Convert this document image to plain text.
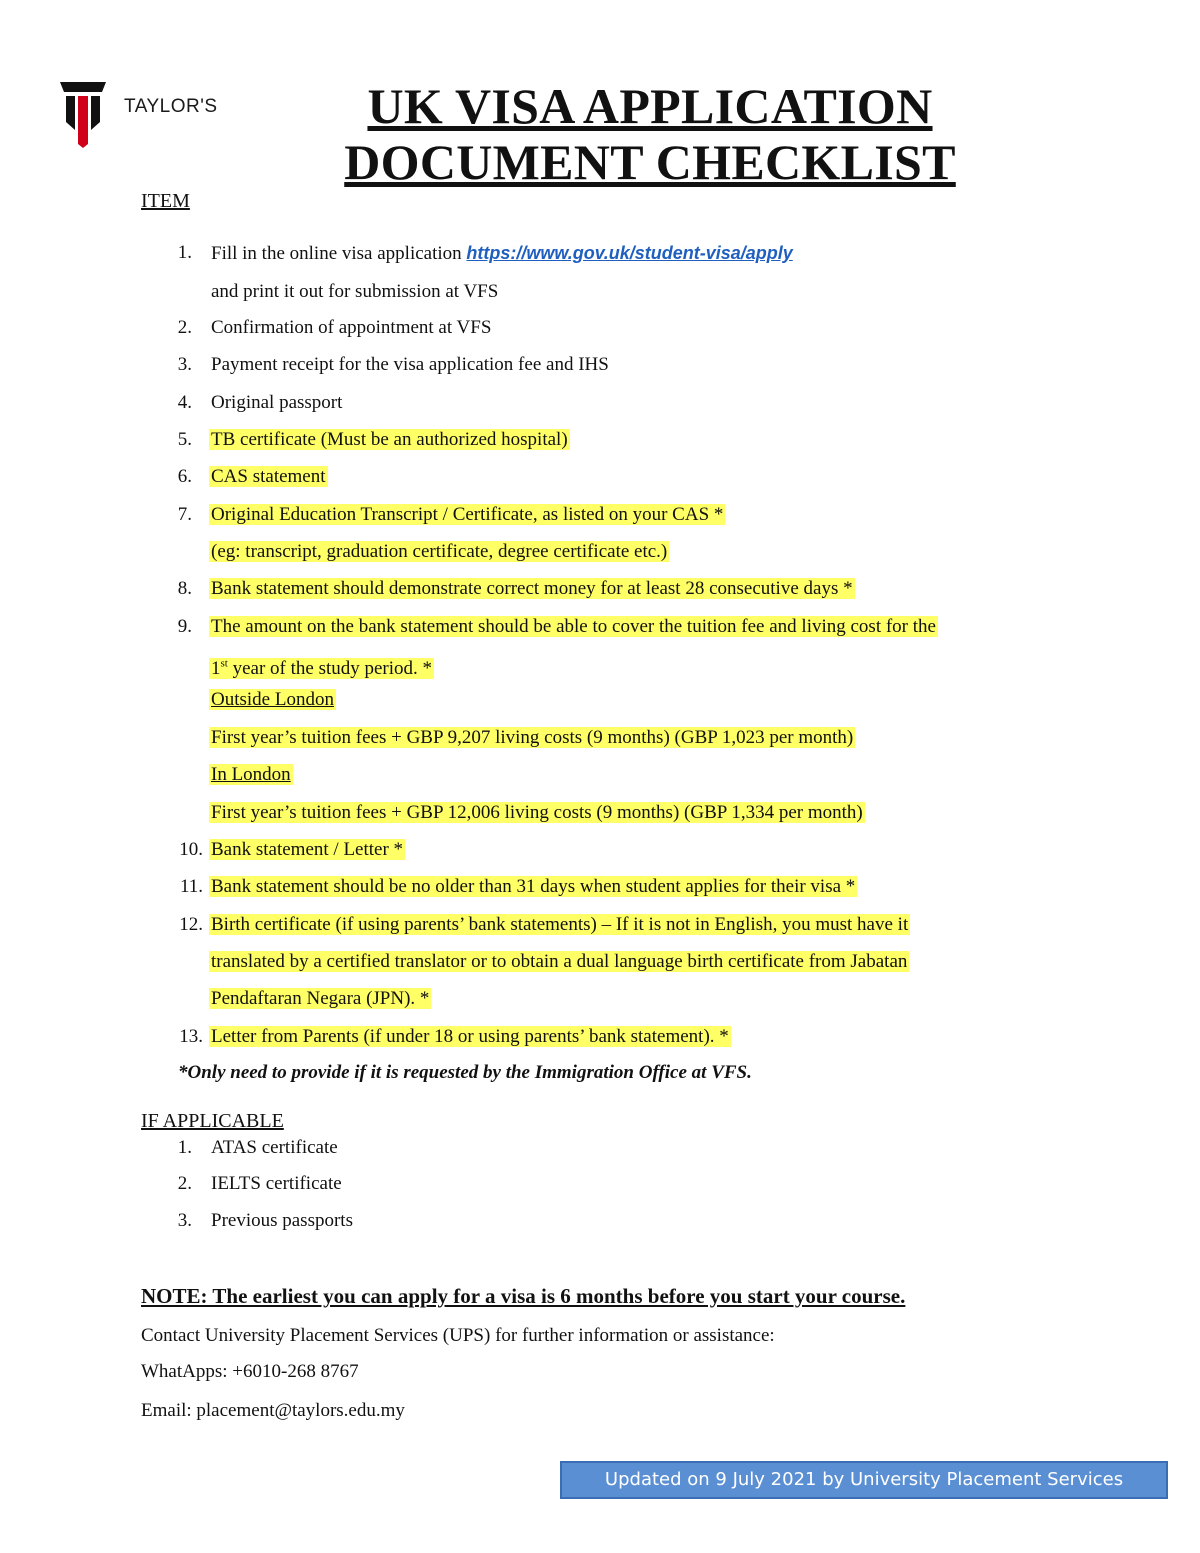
TAYLOR'S	UK VISA APPLICATION
DOCUMENT CHECKLIST
ITEM
1. Fill in the online visa application https://www.gov.uk/student-visa/apply
and print it out for submission at VFS
2. Confirmation of appointment at VFS
3. Payment receipt for the visa application fee and IHS
4. Original passport
5. TB certificate (Must be an authorized hospital)
6. CAS statement
7. Original Education Transcript / Certificate, as listed on your CAS *
(eg: transcript, graduation certificate, degree certificate etc.)
8. Bank statement should demonstrate correct money for at least 28 consecutive days *
9. The amount on the bank statement should be able to cover the tuition fee and living cost for the
1st year of the study period. *
Outside London
First year’s tuition fees + GBP 9,207 living costs (9 months) (GBP 1,023 per month)
In London
First year’s tuition fees + GBP 12,006 living costs (9 months) (GBP 1,334 per month)
10. Bank statement / Letter *
11. Bank statement should be no older than 31 days when student applies for their visa *
12. Birth certificate (if using parents’ bank statements) – If it is not in English, you must have it
translated by a certified translator or to obtain a dual language birth certificate from Jabatan
Pendaftaran Negara (JPN). *
13. Letter from Parents (if under 18 or using parents’ bank statement). *
*Only need to provide if it is requested by the Immigration Office at VFS.
IF APPLICABLE
1. ATAS certificate
2. IELTS certificate
3. Previous passports
NOTE: The earliest you can apply for a visa is 6 months before you start your course.
Contact University Placement Services (UPS) for further information or assistance:
WhatApps: +6010-268 8767
Email: placement@taylors.edu.my
Updated on 9 July 2021 by University Placement Services
